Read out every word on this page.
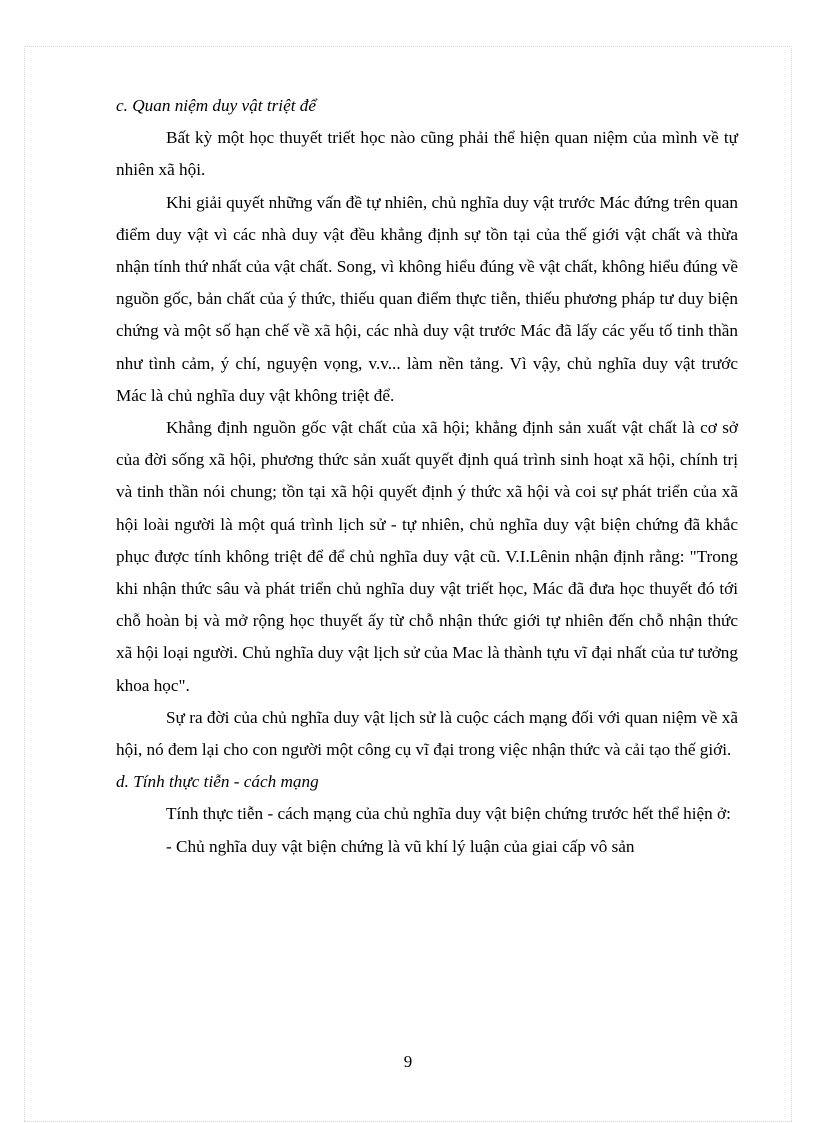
c. Quan niệm duy vật triệt để

Bất kỳ một học thuyết triết học nào cũng phải thể hiện quan niệm của mình về tự nhiên xã hội.

Khi giải quyết những vấn đề tự nhiên, chủ nghĩa duy vật trước Mác đứng trên quan điểm duy vật vì các nhà duy vật đều khẳng định sự tồn tại của thế giới vật chất và thừa nhận tính thứ nhất của vật chất. Song, vì không hiểu đúng về vật chất, không hiểu đúng về nguồn gốc, bản chất của ý thức, thiếu quan điểm thực tiễn, thiếu phương pháp tư duy biện chứng và một số hạn chế về xã hội, các nhà duy vật trước Mác đã lấy các yếu tố tinh thần như tình cảm, ý chí, nguyện vọng, v.v... làm nền tảng. Vì vậy, chủ nghĩa duy vật trước Mác là chủ nghĩa duy vật không triệt để.

Khẳng định nguồn gốc vật chất của xã hội; khẳng định sản xuất vật chất là cơ sở của đời sống xã hội, phương thức sản xuất quyết định quá trình sinh hoạt xã hội, chính trị và tinh thần nói chung; tồn tại xã hội quyết định ý thức xã hội và coi sự phát triển của xã hội loài người là một quá trình lịch sử - tự nhiên, chủ nghĩa duy vật biện chứng đã khắc phục được tính không triệt để để chủ nghĩa duy vật cũ. V.I.Lênin nhận định rằng: "Trong khi nhận thức sâu và phát triển chủ nghĩa duy vật triết học, Mác đã đưa học thuyết đó tới chỗ hoàn bị và mở rộng học thuyết ấy từ chỗ nhận thức giới tự nhiên đến chỗ nhận thức xã hội loại người. Chủ nghĩa duy vật lịch sử của Mac là thành tựu vĩ đại nhất của tư tưởng khoa học".

Sự ra đời của chủ nghĩa duy vật lịch sử là cuộc cách mạng đối với quan niệm về xã hội, nó đem lại cho con người một công cụ vĩ đại trong việc nhận thức và cải tạo thế giới.

d. Tính thực tiễn - cách mạng

Tính thực tiễn - cách mạng của chủ nghĩa duy vật biện chứng trước hết thể hiện ở:

- Chủ nghĩa duy vật biện chứng là vũ khí lý luận của giai cấp vô sản

9
